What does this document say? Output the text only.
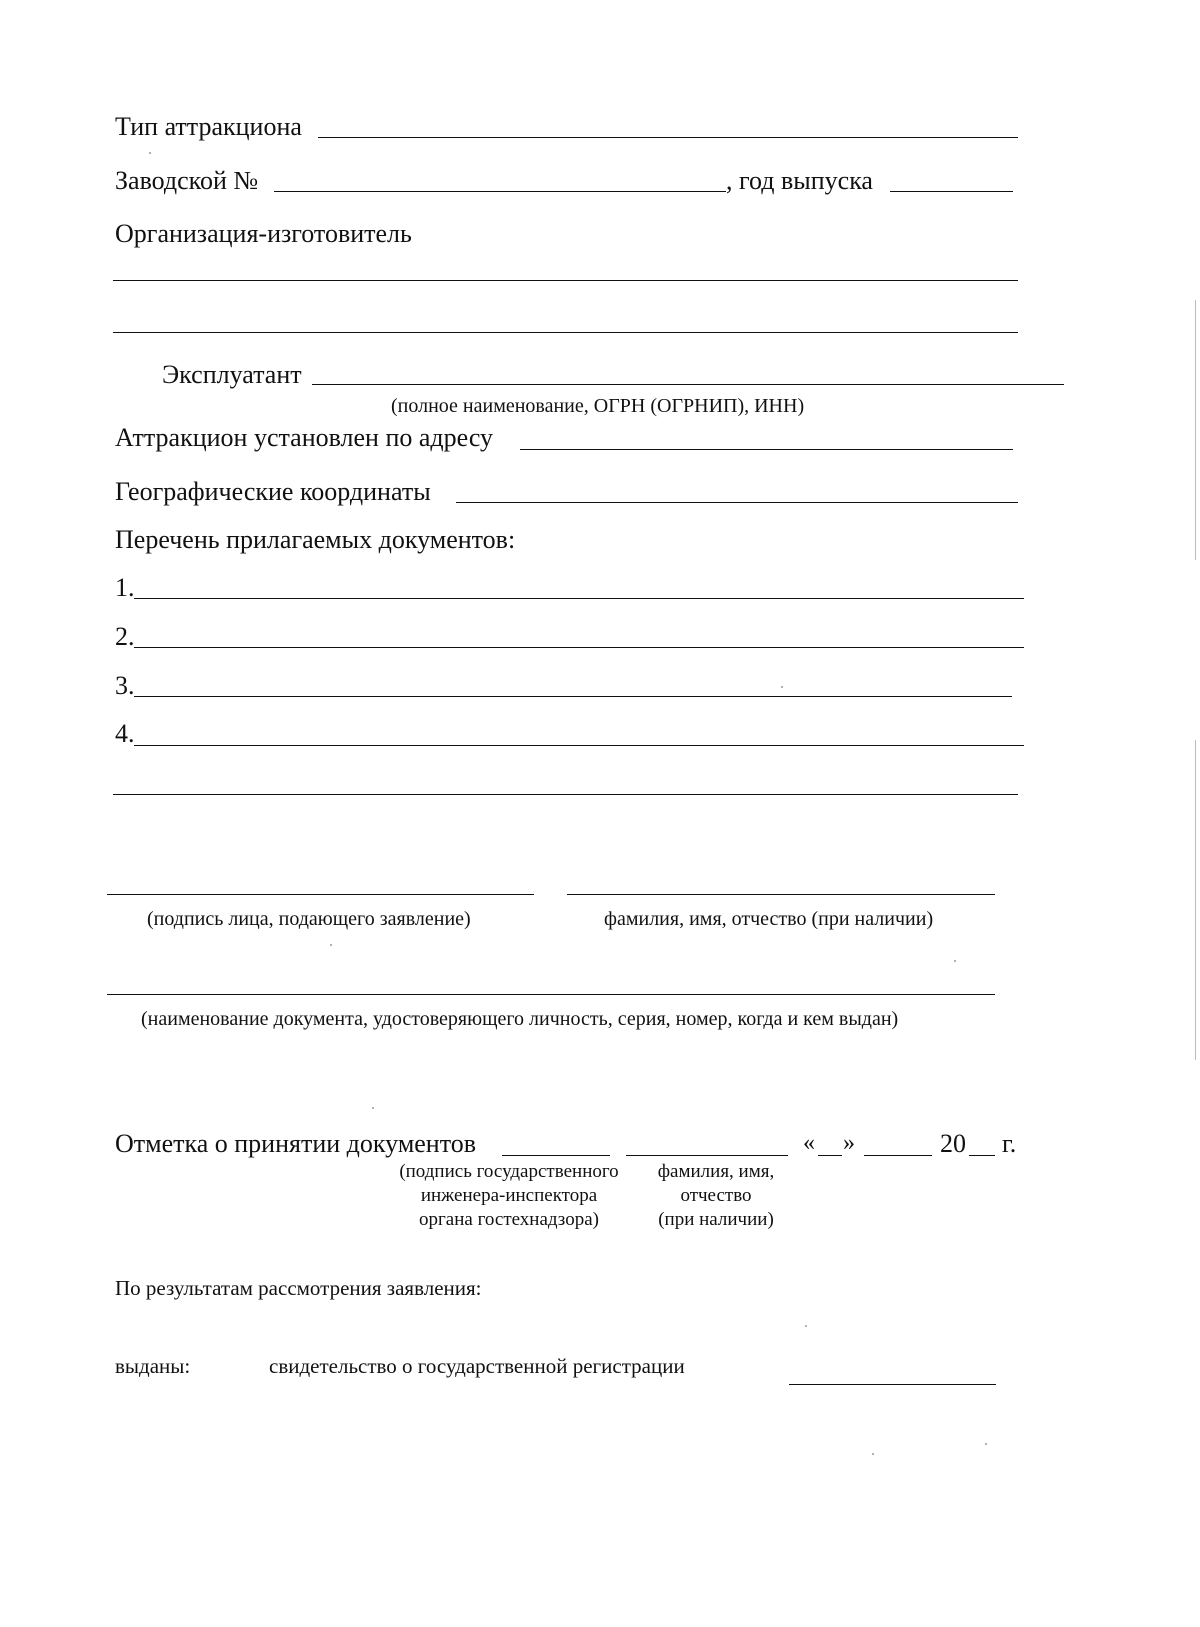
Тип аттракциона
Заводской №	, год выпуска
Организация-изготовитель
Эксплуатант
(полное наименование, ОГРН (ОГРНИП), ИНН)
Аттракцион установлен по адресу
Географические координаты
Перечень прилагаемых документов:
1.
2.
3.
4.
(подпись лица, подающего заявление)	фамилия, имя, отчество (при наличии)
(наименование документа, удостоверяющего личность, серия, номер, когда и кем выдан)
Отметка о принятии документов	« »	20 г.
(подпись государственного
инженера-инспектора
органа гостехнадзора)
фамилия, имя,
отчество
(при наличии)
По результатам рассмотрения заявления:
выданы:	свидетельство о государственной регистрации
